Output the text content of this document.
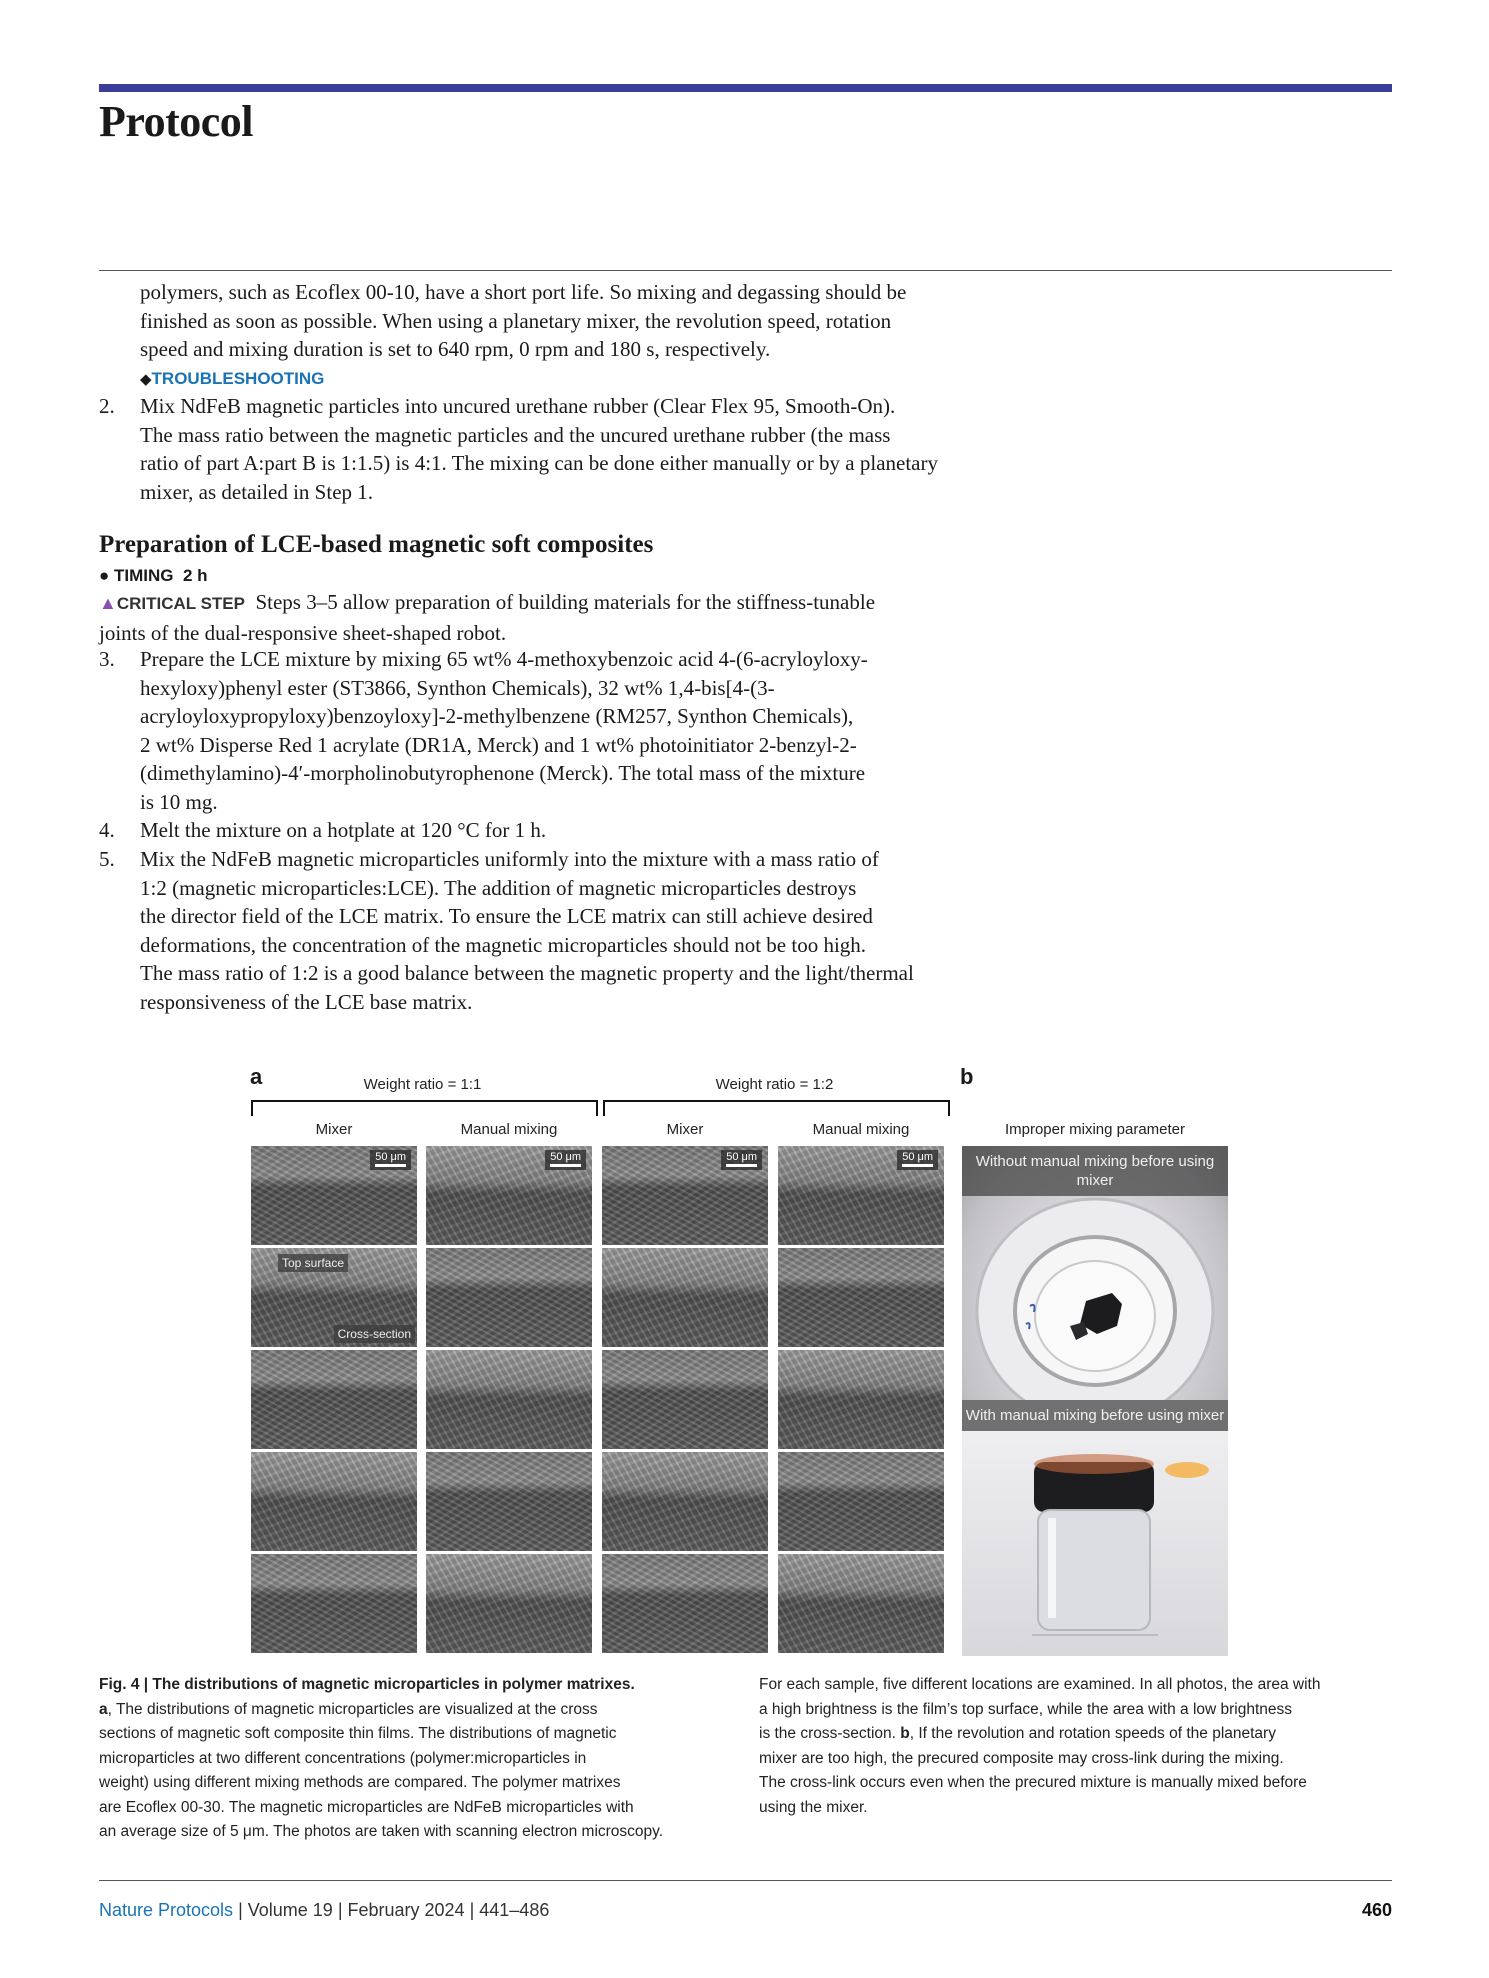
Protocol
polymers, such as Ecoflex 00-10, have a short port life. So mixing and degassing should be
finished as soon as possible. When using a planetary mixer, the revolution speed, rotation
speed and mixing duration is set to 640 rpm, 0 rpm and 180 s, respectively.
◆TROUBLESHOOTING
2. Mix NdFeB magnetic particles into uncured urethane rubber (Clear Flex 95, Smooth-On).
The mass ratio between the magnetic particles and the uncured urethane rubber (the mass
ratio of part A:part B is 1:1.5) is 4:1. The mixing can be done either manually or by a planetary
mixer, as detailed in Step 1.
Preparation of LCE-based magnetic soft composites
● TIMING 2 h
▲CRITICAL STEP Steps 3–5 allow preparation of building materials for the stiffness-tunable
joints of the dual-responsive sheet-shaped robot.
3. Prepare the LCE mixture by mixing 65 wt% 4-methoxybenzoic acid 4-(6-acryloyloxy-
hexyloxy)phenyl ester (ST3866, Synthon Chemicals), 32 wt% 1,4-bis[4-(3-
acryloyloxypropyloxy)benzoyloxy]-2-methylbenzene (RM257, Synthon Chemicals),
2 wt% Disperse Red 1 acrylate (DR1A, Merck) and 1 wt% photoinitiator 2-benzyl-2-
(dimethylamino)-4′-morpholinobutyrophenone (Merck). The total mass of the mixture
is 10 mg.
4. Melt the mixture on a hotplate at 120 °C for 1 h.
5. Mix the NdFeB magnetic microparticles uniformly into the mixture with a mass ratio of
1:2 (magnetic microparticles:LCE). The addition of magnetic microparticles destroys
the director field of the LCE matrix. To ensure the LCE matrix can still achieve desired
deformations, the concentration of the magnetic microparticles should not be too high.
The mass ratio of 1:2 is a good balance between the magnetic property and the light/thermal
responsiveness of the LCE base matrix.
a	b
Weight ratio = 1:1	Weight ratio = 1:2
Mixer	Manual mixing	Mixer	Manual mixing
50 μm	50 μm	50 μm	50 μm
Top surface
Cross-section
Improper mixing parameter
Without manual mixing before using mixer
With manual mixing before using mixer
Fig. 4 | The distributions of magnetic microparticles in polymer matrixes.
a, The distributions of magnetic microparticles are visualized at the cross
sections of magnetic soft composite thin films. The distributions of magnetic
microparticles at two different concentrations (polymer:microparticles in
weight) using different mixing methods are compared. The polymer matrixes
are Ecoflex 00-30. The magnetic microparticles are NdFeB microparticles with
an average size of 5 μm. The photos are taken with scanning electron microscopy.
For each sample, five different locations are examined. In all photos, the area with
a high brightness is the film’s top surface, while the area with a low brightness
is the cross-section. b, If the revolution and rotation speeds of the planetary
mixer are too high, the precured composite may cross-link during the mixing.
The cross-link occurs even when the precured mixture is manually mixed before
using the mixer.
Nature Protocols | Volume 19 | February 2024 | 441–486	460
